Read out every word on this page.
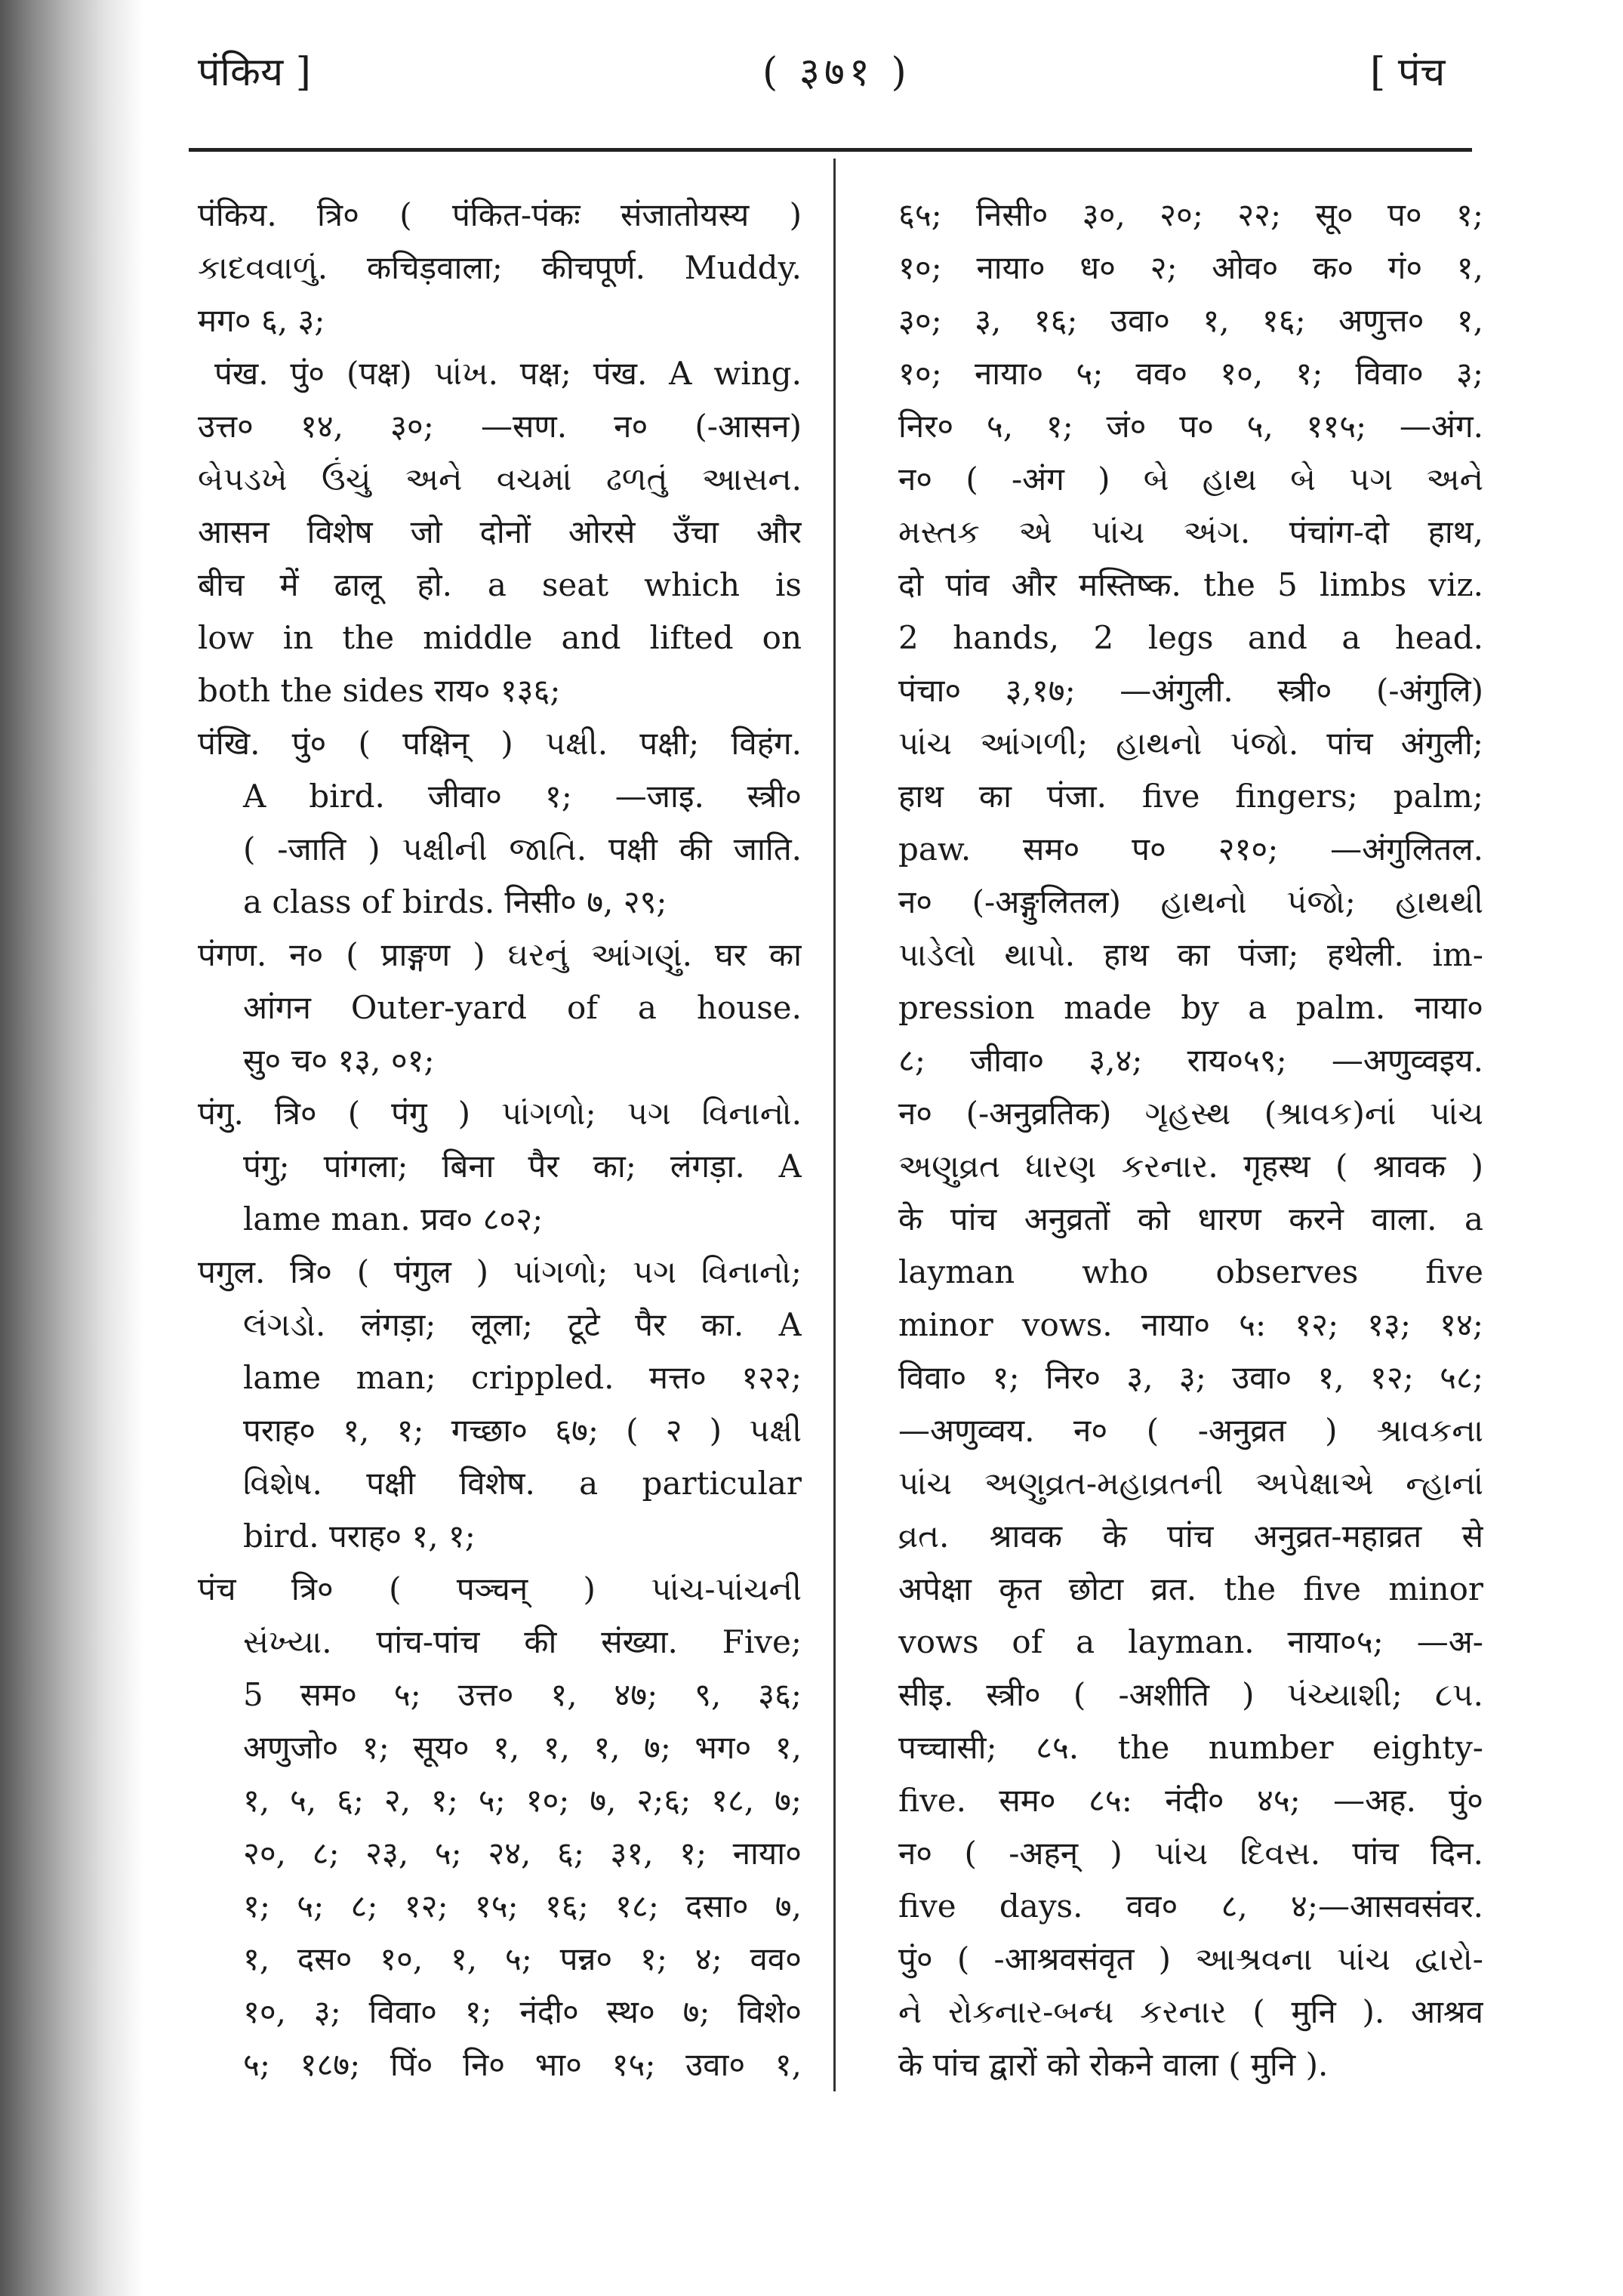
पंकिय ]	( ३७१ )	[ पंच
पंकिय. त्रि० ( पंकित-पंकः संजातोयस्य )
કાદવવાળું. कचिड़वाला; कीचपूर्ण. Muddy.
मग० ६, ३;
पंख. पुं० (पक्ष) પાંખ. पक्ष; पंख. A wing.
उत्त० १४, ३०; —सण. न० (-आसन)
બેપડખે ઉંચું અને વચમાં ઢળતું આસન.
आसन विशेष जो दोनों ओरसे उँचा और
बीच में ढालू हो. a seat which is
low in the middle and lifted on
both the sides राय० १३६;
पंखि. पुं० ( पक्षिन् ) પક્ષી. पक्षी; विहंग.
A bird. जीवा० १; —जाइ. स्त्री०
( -जाति ) પક્ષીની જાતિ. पक्षी की जाति.
a class of birds. निसी० ७, २९;
पंगण. न० ( प्राङ्गण ) ઘરનું આંગણું. घर का
आंगन Outer-yard of a house.
सु० च० १३, ०१;
पंगु. त्रि० ( पंगु ) પાંગળો; પગ વિનાનો.
पंगु; पांगला; बिना पैर का; लंगड़ा. A
lame man. प्रव० ८०२;
पगुल. त्रि० ( पंगुल ) પાંગળો; પગ વિનાનો;
લંગડો. लंगड़ा; लूला; टूटे पैर का. A
lame man; crippled. मत्त० १२२;
पराह० १, १; गच्छा० ६७; ( २ ) પક્ષી
વિશેષ. पक्षी विशेष. a particular
bird. पराह० १, १;
पंच त्रि० ( पञ्चन् ) પાંચ-પાંચની
સંખ્યા. पांच-पांच की संख्या. Five;
5 सम० ५; उत्त० १, ४७; ९, ३६;
अणुजो० १; सूय० १, १, १, ७; भग० १,
१, ५, ६; २, १; ५; १०; ७, २;६; १८, ७;
२०, ८; २३, ५; २४, ६; ३१, १; नाया०
१; ५; ८; १२; १५; १६; १८; दसा० ७,
१, दस० १०, १, ५; पन्न० १; ४; वव०
१०, ३; विवा० १; नंदी० स्थ० ७; विशे०
५; १८७; पिं० नि० भा० १५; उवा० १,
६५; निसी० ३०, २०; २२; सू० प० १;
१०; नाया० ध० २; ओव० क० गं० १,
३०; ३, १६; उवा० १, १६; अणुत्त० १,
१०; नाया० ५; वव० १०, १; विवा० ३;
निर० ५, १; जं० प० ५, ११५; —अंग.
न० ( -अंग ) બે હાથ બે પગ અને
મસ્તક એ પાંચ અંગ. पंचांग-दो हाथ,
दो पांव और मस्तिष्क. the 5 limbs viz.
2 hands, 2 legs and a head.
पंचा० ३,१७; —अंगुली. स्त्री० (-अंगुलि)
પાંચ આંગળી; હાથનો પંજો. पांच अंगुली;
हाथ का पंजा. five fingers; palm;
paw. सम० प० २१०; —अंगुलितल.
न० (-अङ्गुलितल) હાથનો પંજો; હાથથી
પાડેલો થાપો. हाथ का पंजा; हथेली. im-
pression made by a palm. नाया०
८; जीवा० ३,४; राय०५९; —अणुव्वइय.
न० (-अनुव्रतिक) ગૃહસ્થ (શ્રાવક)નાં પાંચ
અણુવ્રત ધારણ કરનાર. गृहस्थ ( श्रावक )
के पांच अनुव्रतों को धारण करने वाला. a
layman who observes five
minor vows. नाया० ५: १२; १३; १४;
विवा० १; निर० ३, ३; उवा० १, १२; ५८;
—अणुव्वय. न० ( -अनुव्रत ) શ્રાવકના
પાંચ અણુવ્રત-મહાવ્રતની અપેક્ષાએ ન્હાનાં
વ્રત. श्रावक के पांच अनुव्रत-महाव्रत से
अपेक्षा कृत छोटा व्रत. the five minor
vows of a layman. नाया०५; —अ-
सीइ. स्त्री० ( -अशीति ) પંચ્યાશી; ૮૫.
पच्चासी; ८५. the number eighty-
five. सम० ८५: नंदी० ४५; —अह. पुं०
न० ( -अहन् ) પાંચ દિવસ. पांच दिन.
five days. वव० ८, ४;—आसवसंवर.
पुं० ( -आश्रवसंवृत ) આશ્રવના પાંચ દ્વારો-
ને રોકનાર-બન્ધ કરનાર ( मुनि ). आश्रव
के पांच द्वारों को रोकने वाला ( मुनि ).
